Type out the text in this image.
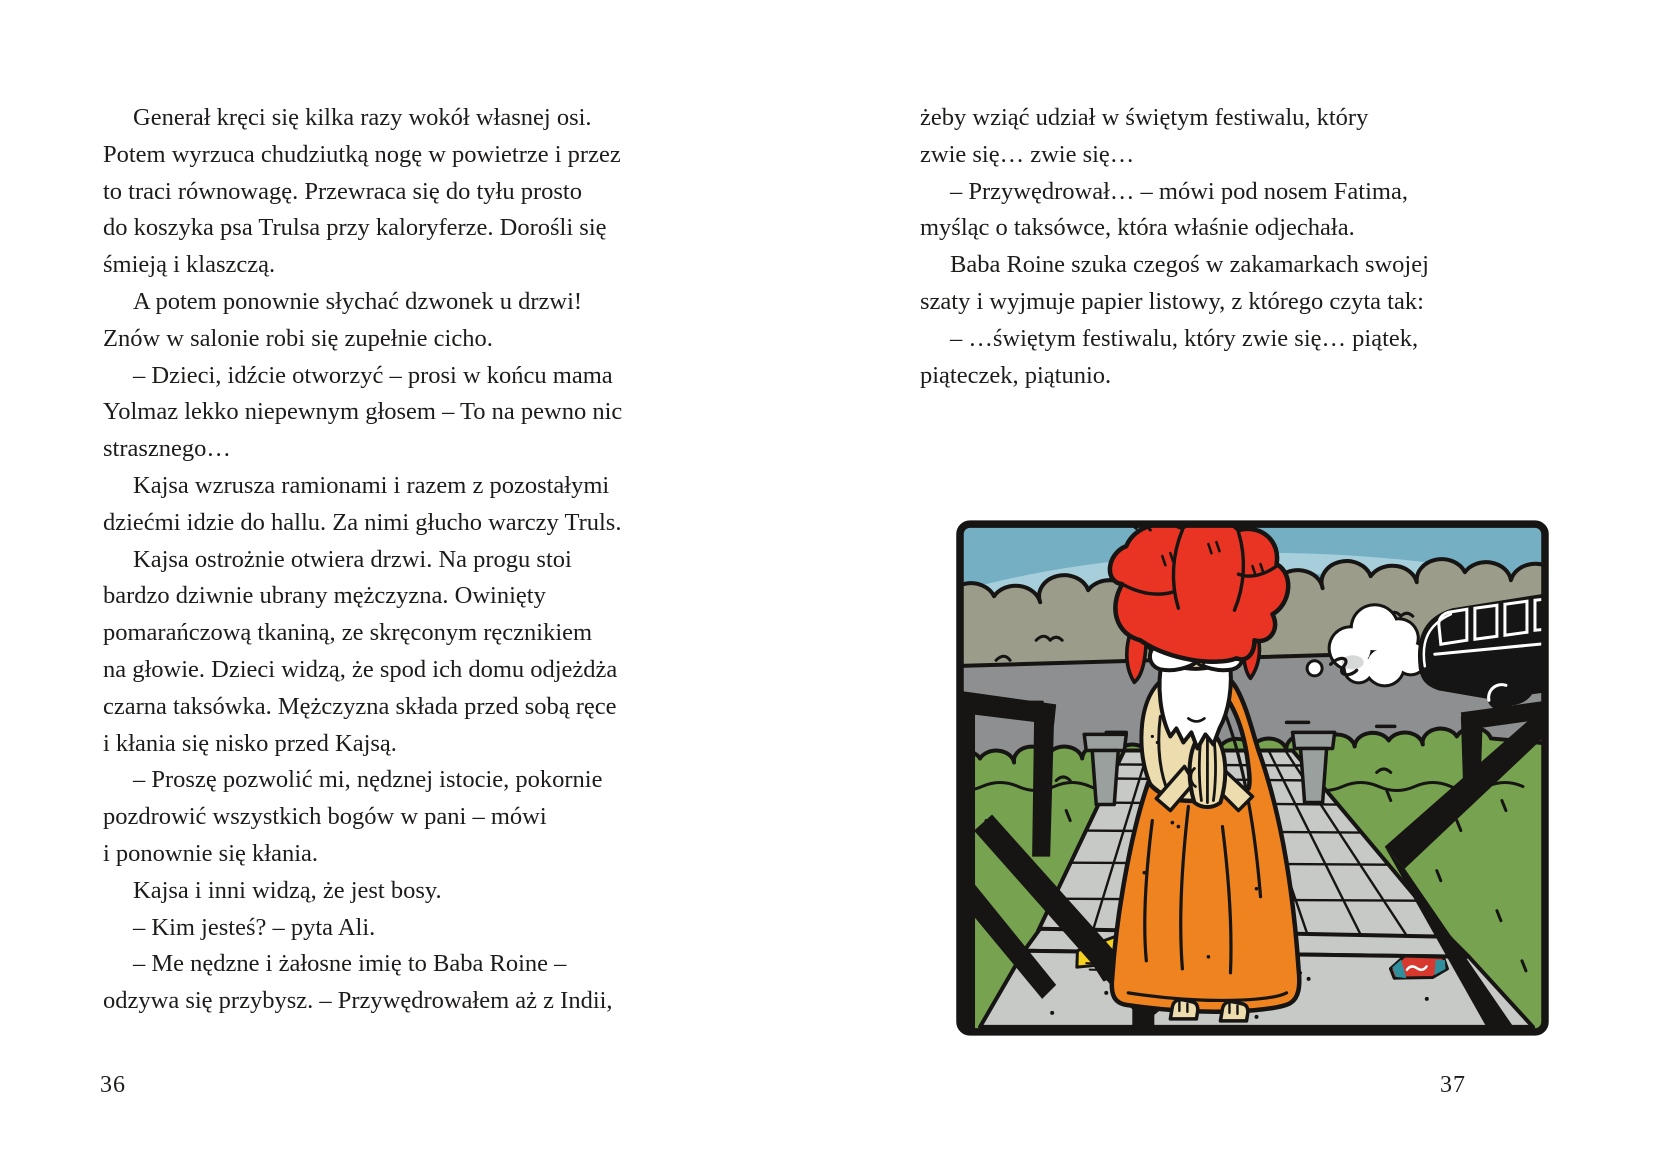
Generał kręci się kilka razy wokół własnej osi.
Potem wyrzuca chudziutką nogę w powietrze i przez
to traci równowagę. Przewraca się do tyłu prosto
do koszyka psa Trulsa przy kaloryferze. Dorośli się
śmieją i klaszczą.
A potem ponownie słychać dzwonek u drzwi!
Znów w salonie robi się zupełnie cicho.
– Dzieci, idźcie otworzyć – prosi w końcu mama
Yolmaz lekko niepewnym głosem – To na pewno nic
strasznego…
Kajsa wzrusza ramionami i razem z pozostałymi
dziećmi idzie do hallu. Za nimi głucho warczy Truls.
Kajsa ostrożnie otwiera drzwi. Na progu stoi
bardzo dziwnie ubrany mężczyzna. Owinięty
pomarańczową tkaniną, ze skręconym ręcznikiem
na głowie. Dzieci widzą, że spod ich domu odjeżdża
czarna taksówka. Mężczyzna składa przed sobą ręce
i kłania się nisko przed Kajsą.
– Proszę pozwolić mi, nędznej istocie, pokornie
pozdrowić wszystkich bogów w pani – mówi
i ponownie się kłania.
Kajsa i inni widzą, że jest bosy.
– Kim jesteś? – pyta Ali.
– Me nędzne i żałosne imię to Baba Roine –
odzywa się przybysz. – Przywędrowałem aż z Indii,
żeby wziąć udział w świętym festiwalu, który
zwie się… zwie się…
– Przywędrował… – mówi pod nosem Fatima,
myśląc o taksówce, która właśnie odjechała.
Baba Roine szuka czegoś w zakamarkach swojej
szaty i wyjmuje papier listowy, z którego czyta tak:
– …świętym festiwalu, który zwie się… piątek,
piąteczek, piątunio.
36	37
